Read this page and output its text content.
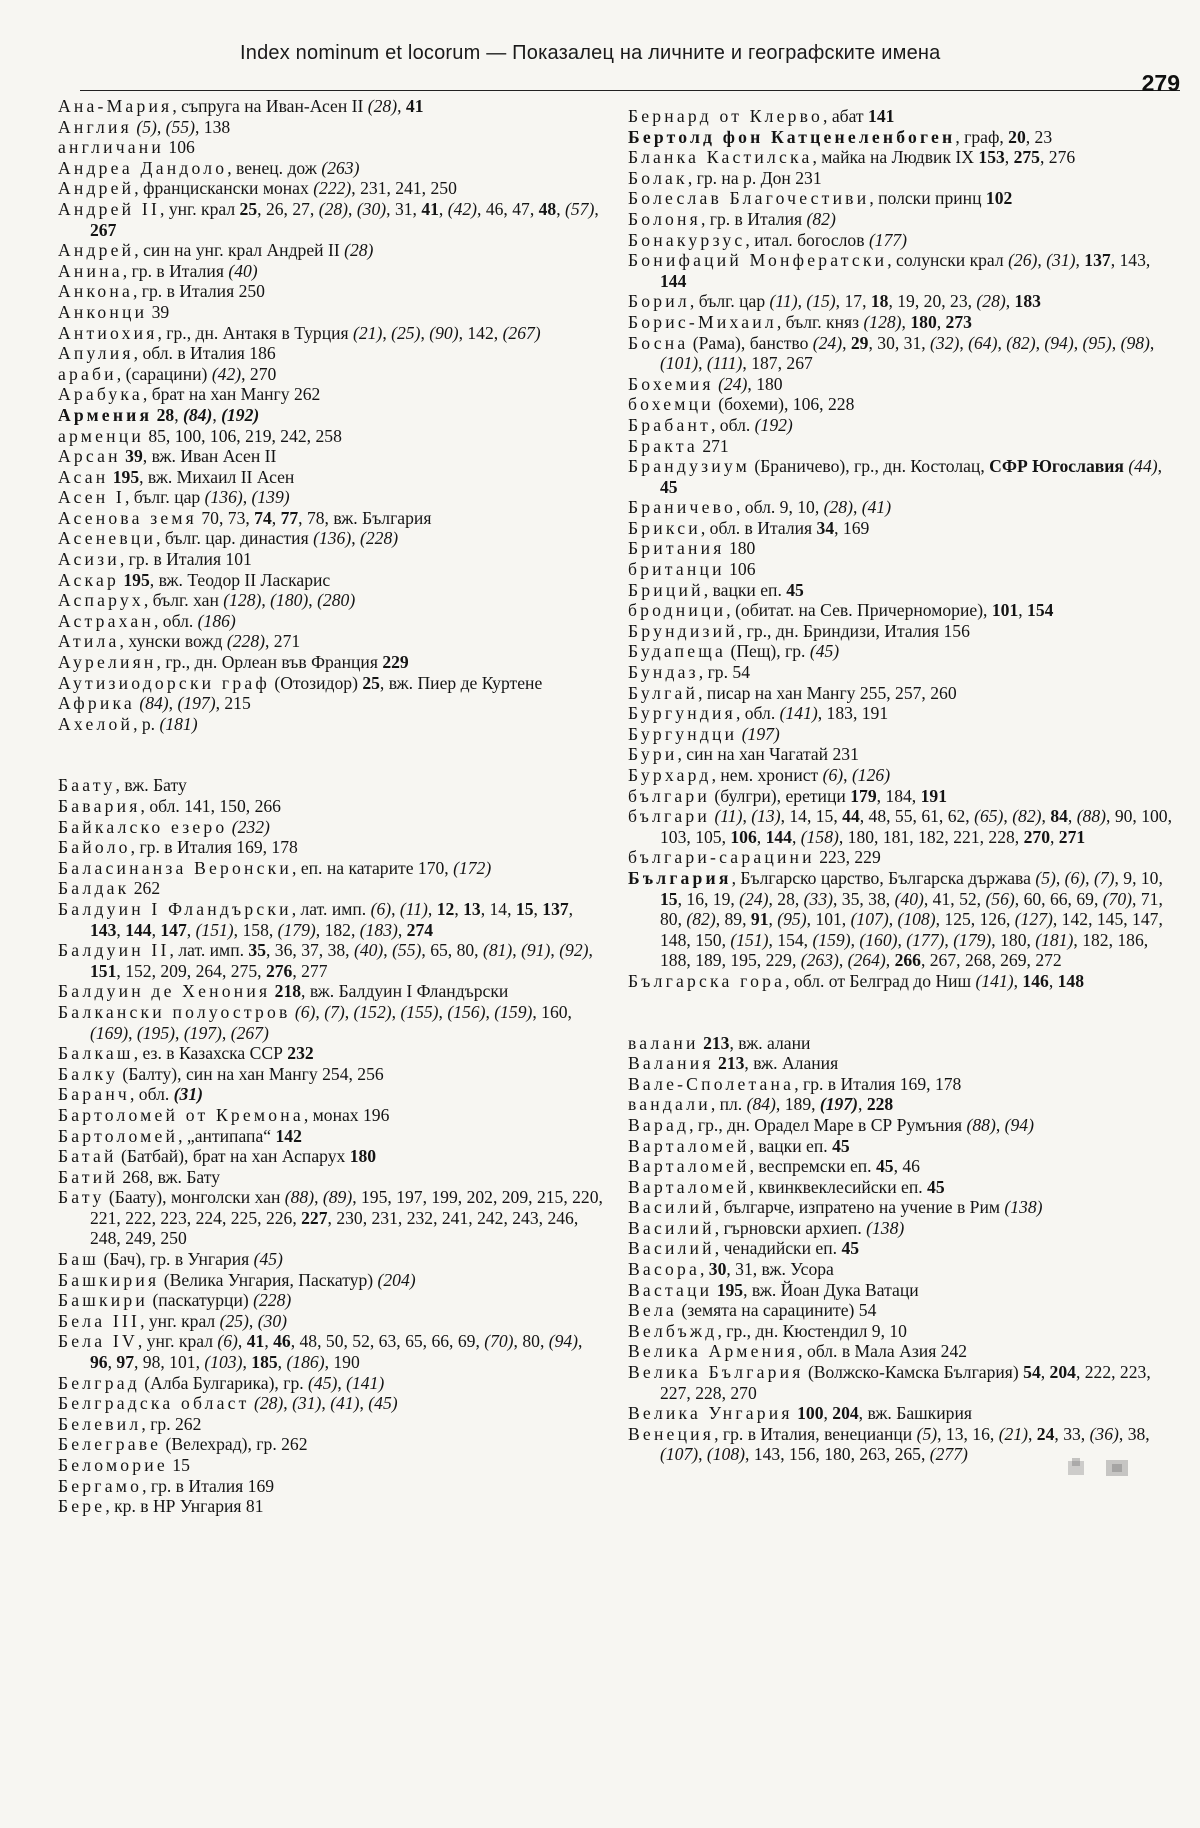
Index nominum et locorum — Показалец на личните и географските имена
279

Ана-Мария, съпруга на Иван-Асен II (28), 41

Англия (5), (55), 138

англичани 106

Андреа Дандоло, венец. дож (263)

Андрей, францискански монах (222), 231, 241, 250

Андрей II, унг. крал 25, 26, 27, (28), (30), 31, 41, (42), 46, 47, 48, (57), 267

Андрей, син на унг. крал Андрей II (28)

Анина, гр. в Италия (40)

Анкона, гр. в Италия 250

Анконци 39

Антиохия, гр., дн. Антакя в Турция (21), (25), (90), 142, (267)

Апулия, обл. в Италия 186

араби, (сарацини) (42), 270

Арабука, брат на хан Мангу 262

Армения 28, (84), (192)

арменци 85, 100, 106, 219, 242, 258

Арсан 39, вж. Иван Асен II

Асан 195, вж. Михаил II Асен

Асен I, бълг. цар (136), (139)

Асенова земя 70, 73, 74, 77, 78, вж. България

Асеневци, бълг. цар. династия (136), (228)

Асизи, гр. в Италия 101

Аскар 195, вж. Теодор II Ласкарис

Аспарух, бълг. хан (128), (180), (280)

Астрахан, обл. (186)

Атила, хунски вожд (228), 271

Аурелиян, гр., дн. Орлеан във Франция 229

Аутизиодорски граф (Отозидор) 25, вж. Пиер де Куртене

Африка (84), (197), 215

Ахелой, р. (181)

Баату, вж. Бату

Бавария, обл. 141, 150, 266

Байкалско езеро (232)

Байоло, гр. в Италия 169, 178

Баласинанза Веронски, еп. на катарите 170, (172)

Балдак 262

Балдуин I Фландърски, лат. имп. (6), (11), 12, 13, 14, 15, 137, 143, 144, 147, (151), 158, (179), 182, (183), 274

Балдуин II, лат. имп. 35, 36, 37, 38, (40), (55), 65, 80, (81), (91), (92), 151, 152, 209, 264, 275, 276, 277

Балдуин де Хенония 218, вж. Балдуин I Фландърски

Балкански полуостров (6), (7), (152), (155), (156), (159), 160, (169), (195), (197), (267)

Балкаш, ез. в Казахска ССР 232

Балку (Балту), син на хан Мангу 254, 256

Баранч, обл. (31)

Бартоломей от Кремона, монах 196

Бартоломей, „антипапа“ 142

Батай (Батбай), брат на хан Аспарух 180

Батий 268, вж. Бату

Бату (Бaату), монголски хан (88), (89), 195, 197, 199, 202, 209, 215, 220, 221, 222, 223, 224, 225, 226, 227, 230, 231, 232, 241, 242, 243, 246, 248, 249, 250

Баш (Бач), гр. в Унгария (45)

Башкирия (Велика Унгария, Паскатур) (204)

Башкири (паскатурци) (228)

Бела III, унг. крал (25), (30)

Бела IV, унг. крал (6), 41, 46, 48, 50, 52, 63, 65, 66, 69, (70), 80, (94), 96, 97, 98, 101, (103), 185, (186), 190

Белград (Алба Булгарика), гр. (45), (141)

Белградска област (28), (31), (41), (45)

Белевил, гр. 262

Белеграве (Велехрад), гр. 262

Беломорие 15

Бергамо, гр. в Италия 169

Бере, кр. в НР Унгария 81

Бернард от Клерво, абат 141

Бертолд фон Катценеленбоген, граф, 20, 23

Бланка Кастилска, майка на Людвик IX 153, 275, 276

Болак, гр. на р. Дон 231

Болеслав Благочестиви, полски принц 102

Болоня, гр. в Италия (82)

Бонакурзус, итал. богослов (177)

Бонифаций Монфератски, солунски крал (26), (31), 137, 143, 144

Борил, бълг. цар (11), (15), 17, 18, 19, 20, 23, (28), 183

Борис-Михаил, бълг. княз (128), 180, 273

Босна (Рама), банство (24), 29, 30, 31, (32), (64), (82), (94), (95), (98), (101), (111), 187, 267

Бохемия (24), 180

бохемци (бохеми), 106, 228

Брабант, обл. (192)

Бракта 271

Брандузиум (Браничево), гр., дн. Костолац, СФР Югославия (44), 45

Браничево, обл. 9, 10, (28), (41)

Брикси, обл. в Италия 34, 169

Британия 180

британци 106

Бриций, вацки еп. 45

бродници, (обитат. на Сев. Причерноморие), 101, 154

Брундизий, гр., дн. Бриндизи, Италия 156

Будапеща (Пещ), гр. (45)

Бундаз, гр. 54

Булгай, писар на хан Мангу 255, 257, 260

Бургундия, обл. (141), 183, 191

Бургундци (197)

Бури, син на хан Чагатай 231

Бурхард, нем. хронист (6), (126)

българи (булгри), еретици 179, 184, 191

българи (11), (13), 14, 15, 44, 48, 55, 61, 62, (65), (82), 84, (88), 90, 100, 103, 105, 106, 144, (158), 180, 181, 182, 221, 228, 270, 271

българи-сарацини 223, 229

България, Българско царство, Българска държава (5), (6), (7), 9, 10, 15, 16, 19, (24), 28, (33), 35, 38, (40), 41, 52, (56), 60, 66, 69, (70), 71, 80, (82), 89, 91, (95), 101, (107), (108), 125, 126, (127), 142, 145, 147, 148, 150, (151), 154, (159), (160), (177), (179), 180, (181), 182, 186, 188, 189, 195, 229, (263), (264), 266, 267, 268, 269, 272

Българска гора, обл. от Белград до Ниш (141), 146, 148

валани 213, вж. алани

Валания 213, вж. Алания

Вале-Сполетана, гр. в Италия 169, 178

вандали, пл. (84), 189, (197), 228

Варад, гр., дн. Орадел Маре в СР Румъния (88), (94)

Варталомей, вацки еп. 45

Варталомей, веспремски еп. 45, 46

Варталомей, квинквеклесийски еп. 45

Василий, българче, изпратено на учение в Рим (138)

Василий, гърновски архиеп. (138)

Василий, ченадийски еп. 45

Васора, 30, 31, вж. Усора

Вастаци 195, вж. Йоан Дука Ватаци

Вела (земята на сарацините) 54

Велбъжд, гр., дн. Кюстендил 9, 10

Велика Армения, обл. в Мала Азия 242

Велика България (Волжско-Камска България) 54, 204, 222, 223, 227, 228, 270

Велика Унгария 100, 204, вж. Башкирия

Венеция, гр. в Италия, венецианци (5), 13, 16, (21), 24, 33, (36), 38, (107), (108), 143, 156, 180, 263, 265, (277)
